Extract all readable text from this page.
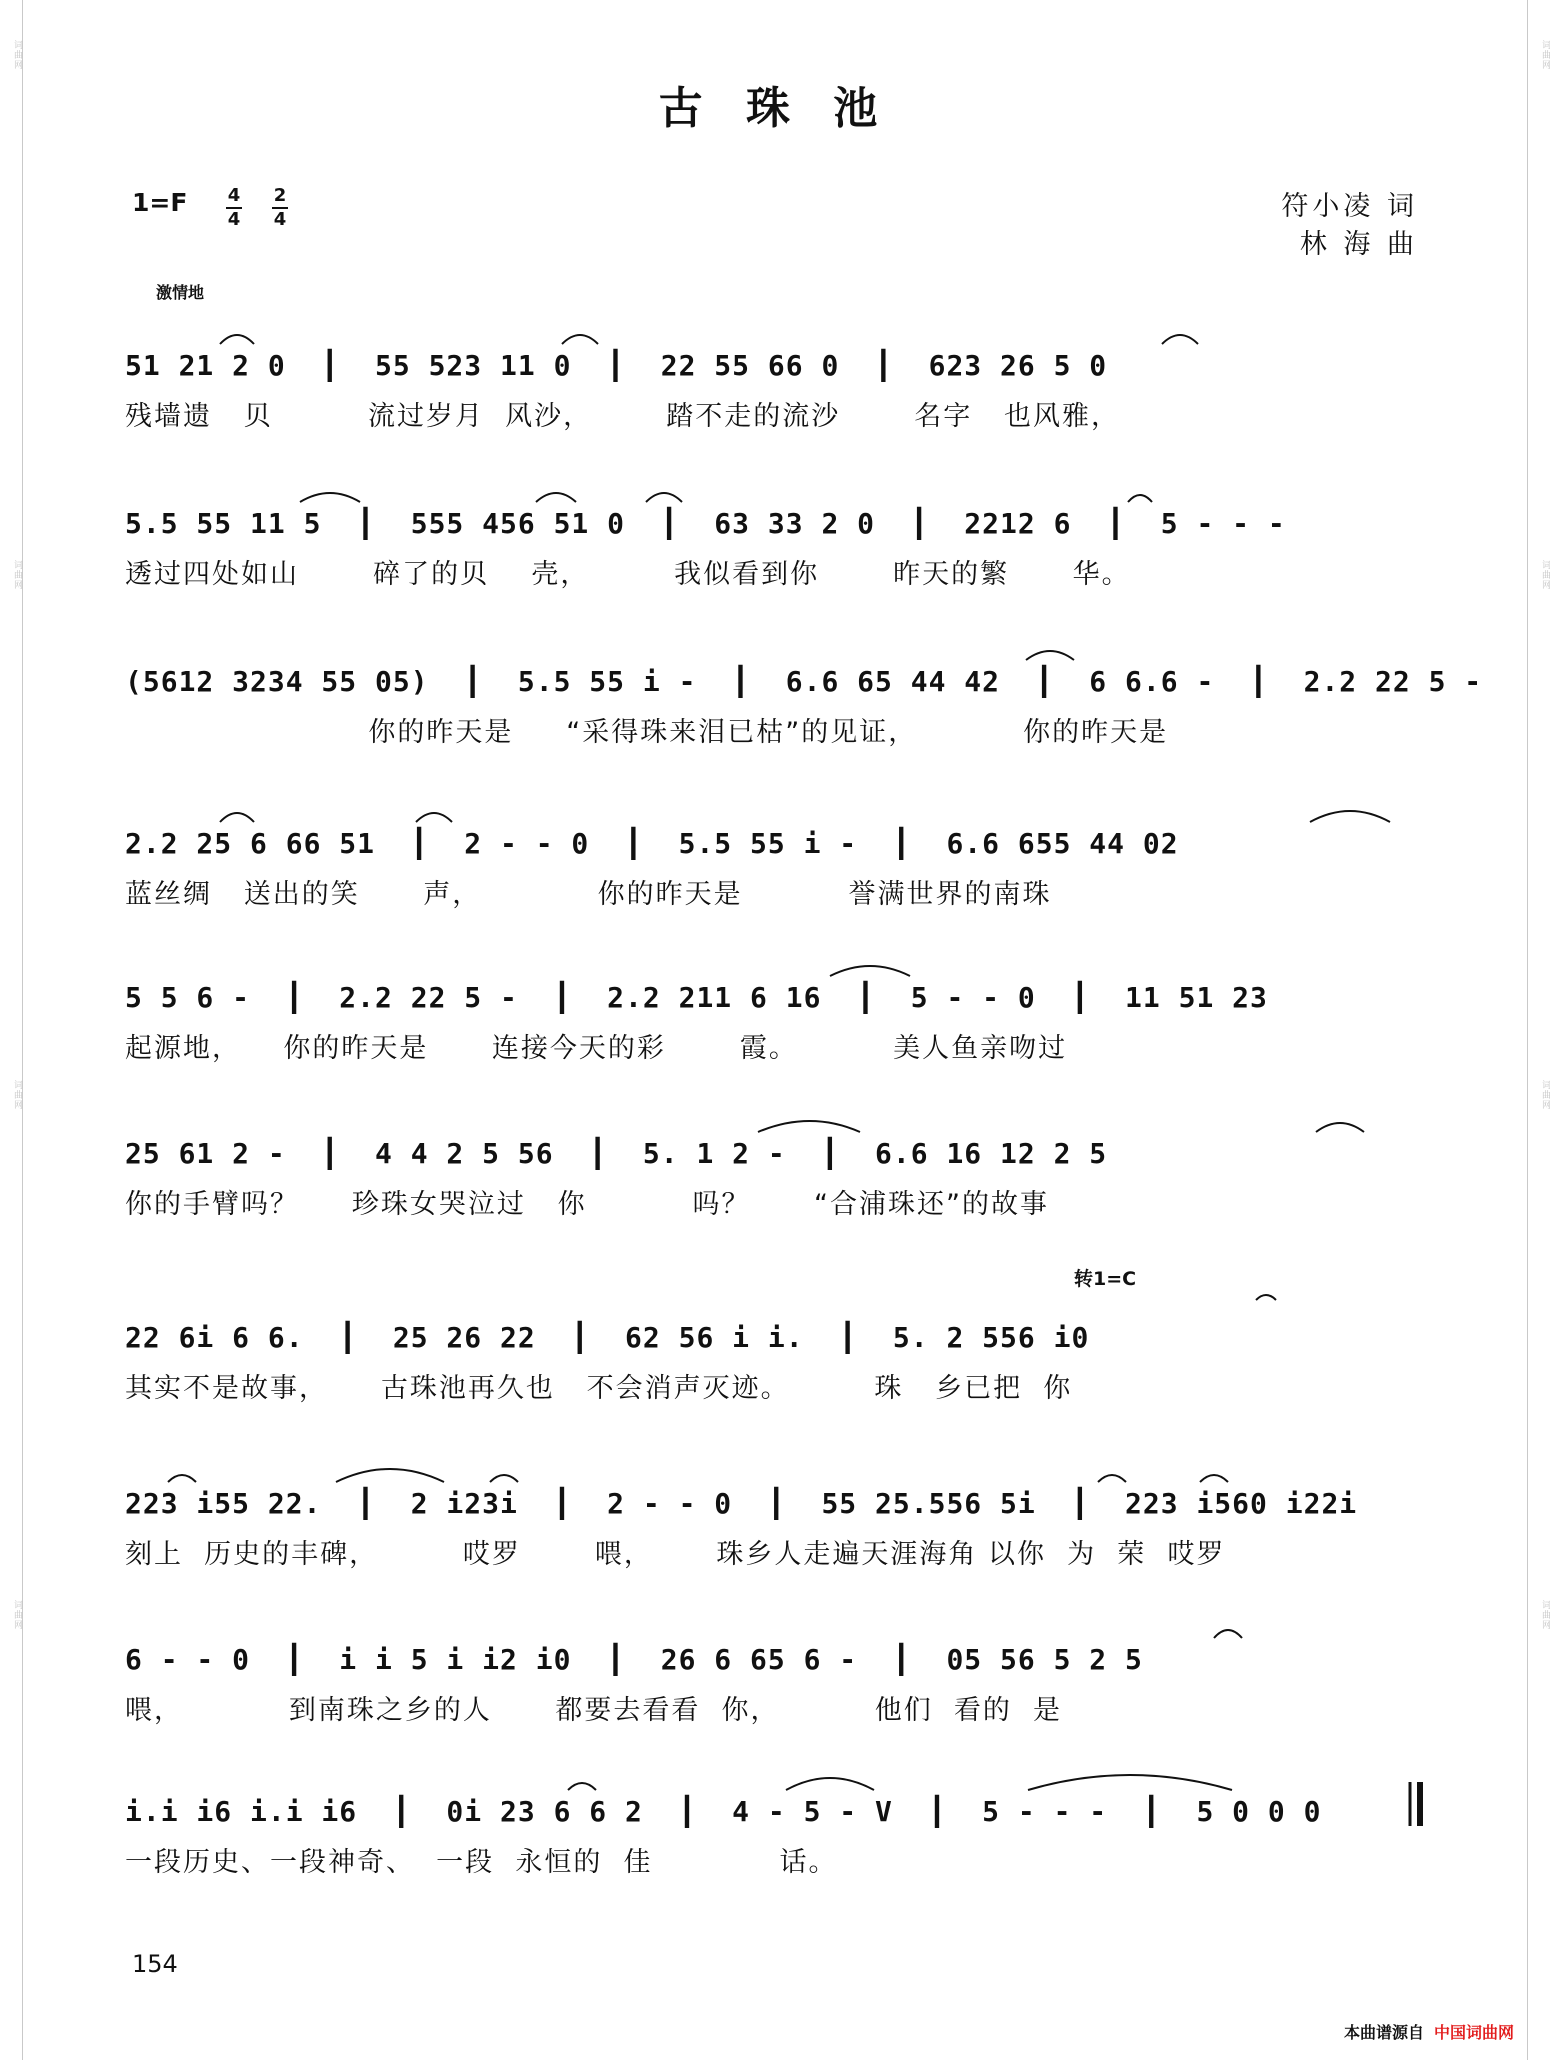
词曲网
词曲网
词曲网
词曲网
词曲网
词曲网
词曲网
词曲网
古 珠 池
1=F 4
4
2
4	符小凌 词
林 海 曲
激情地
转1=C
51 21 2 0  ┃  55 523 11 0  ┃  22 55 66 0  ┃  623 26 5 0
残墙遗   贝         流过岁月  风沙，       踏不走的流沙       名字   也风雅，
5.5 55 11 5  ┃  555 456 51 0  ┃  63 33 2 0  ┃  2212 6  ┃  5 - - -
透过四处如山       碎了的贝    壳，        我似看到你       昨天的繁      华。
(5612 3234 55 05)  ┃  5.5 55 i -  ┃  6.6 65 44 42  ┃  6 6.6 -  ┃  2.2 22 5 -
你的昨天是     “采得珠来泪已枯”的见证，          你的昨天是
2.2 25 6 66 51  ┃  2 - - 0  ┃  5.5 55 i -  ┃  6.6 655 44 02
蓝丝绸   送出的笑      声，           你的昨天是          誉满世界的南珠
5 5 6 -  ┃  2.2 22 5 -  ┃  2.2 211 6 16  ┃  5 - - 0  ┃  11 51 23
起源地，    你的昨天是      连接今天的彩       霞。         美人鱼亲吻过
25 61 2 -  ┃  4 4 2 5 56  ┃  5. 1 2 -  ┃  6.6 16 12 2 5
你的手臂吗？     珍珠女哭泣过   你          吗？      “合浦珠还”的故事
22 6i 6 6.  ┃  25 26 22  ┃  62 56 i i.  ┃  5. 2 556 i0
其实不是故事，     古珠池再久也   不会消声灭迹。        珠   乡已把  你
223 i55 22.  ┃  2 i23i  ┃  2 - - 0  ┃  55 25.556 5i  ┃  223 i560 i22i
刻上  历史的丰碑，        哎罗       喂，      珠乡人走遍天涯海角 以你  为  荣  哎罗
6 - - 0  ┃  i i 5 i i2 i0  ┃  26 6 65 6 -  ┃  05 56 5 2 5
喂，          到南珠之乡的人      都要去看看  你，         他们  看的  是
i.i i6 i.i i6  ┃  0i 23 6 6 2  ┃  4 - 5 - V  ┃  5 - - -  ┃  5 0 0 0
一段历史、一段神奇、  一段  永恒的  佳            话。
154
本曲谱源自 中国词曲网
